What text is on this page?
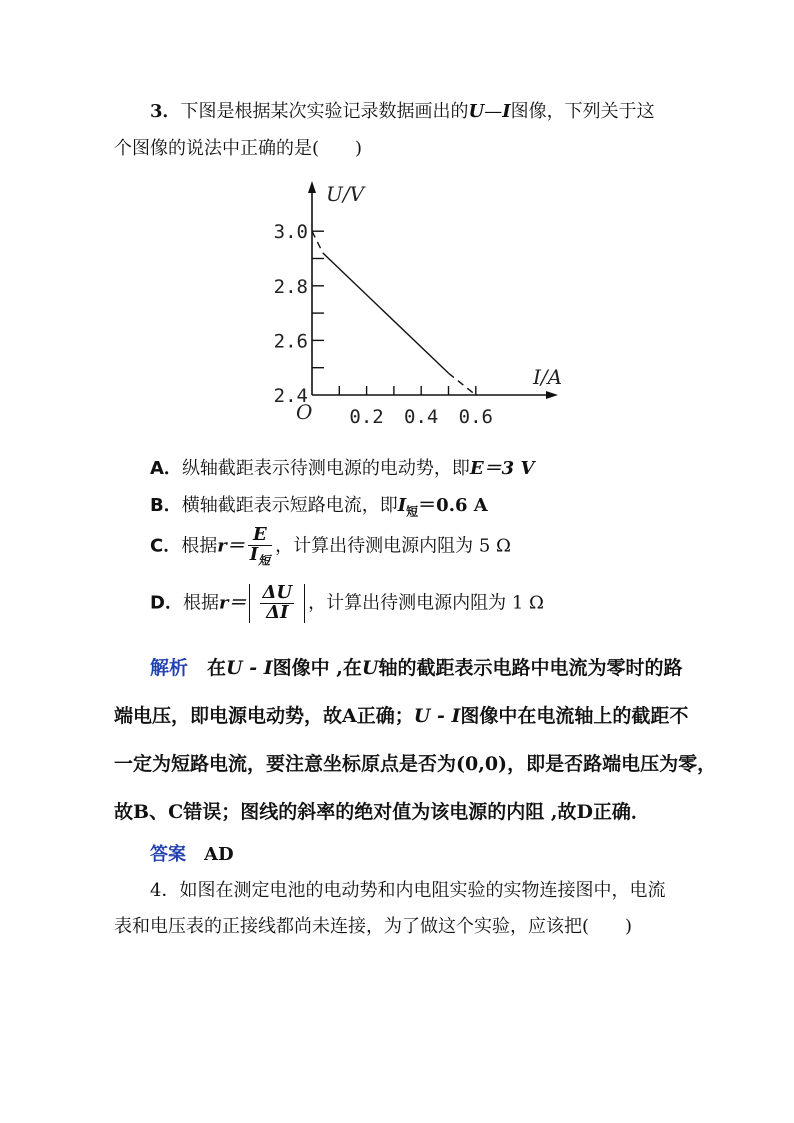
3．下图是根据某次实验记录数据画出的U—I图像，下列关于这
个图像的说法中正确的是(　　)
3.0
2.8
2.6
2.4
0.2 0.4 0.6
U/V
I/A
O
A．纵轴截距表示待测电源的电动势，即E＝3 V
B．横轴截距表示短路电流，即$I_短=0.6$ A
C．根据$r= \frac{E}{I_短}$ ，计算出待测电源内阻为 5 Ω
D．根据$r= \frac{\Delta U}{\Delta I}$ ，计算出待测电源内阻为 1 Ω
解析　 在U - I图像中 ,在U轴的截距表示电路中电流为零时的路
端电压，即电源电动势，故A正确；U - I图像中在电流轴上的截距不
一定为短路电流，要注意坐标原点是否为(0,0)，即是否路端电压为零，
故B、C错误；图线的斜率的绝对值为该电源的内阻 ,故D正确．
答案　 AD
4．如图在测定电池的电动势和内电阻实验的实物连接图中，电流
表和电压表的正接线都尚未连接，为了做这个实验，应该把(　　)
